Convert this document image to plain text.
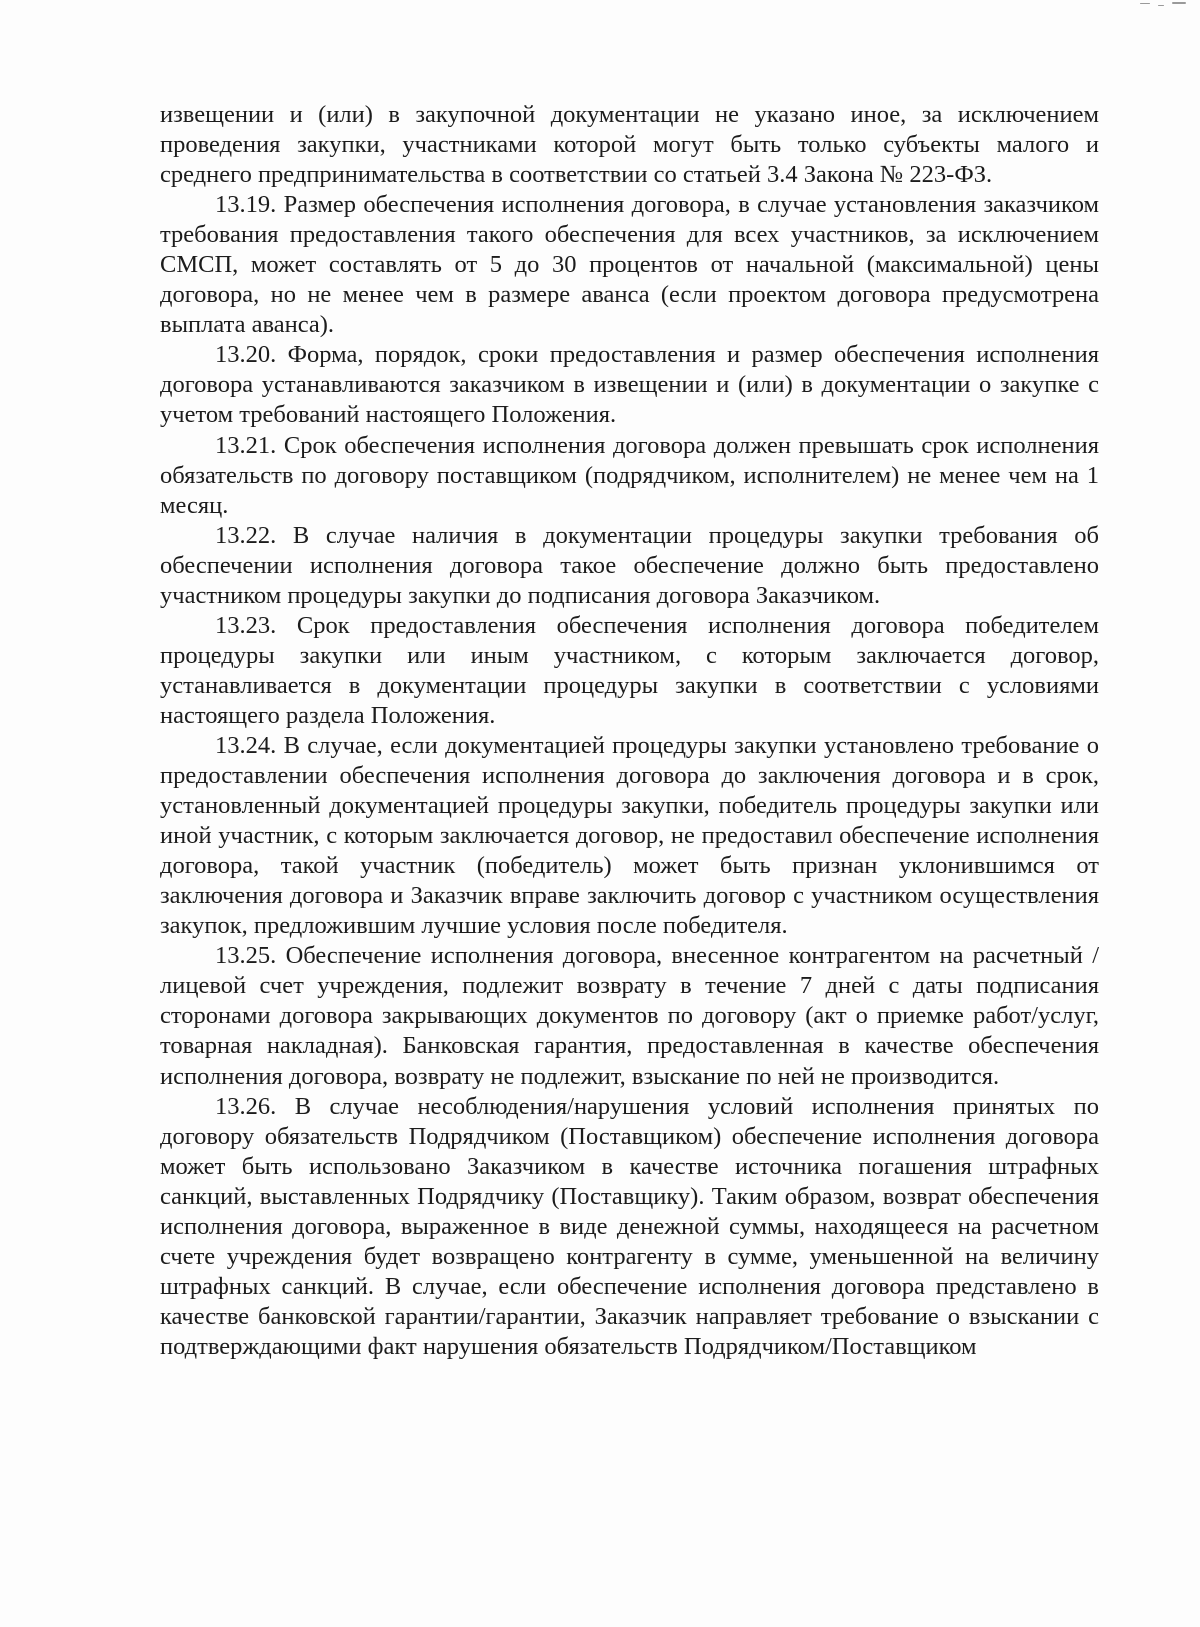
извещении и (или) в закупочной документации не указано иное, за исключением проведения закупки, участниками которой могут быть только субъекты малого и среднего предпринимательства в соответствии со статьей 3.4 Закона № 223-ФЗ.

13.19. Размер обеспечения исполнения договора, в случае установления заказчиком требования предоставления такого обеспечения для всех участников, за исключением СМСП, может составлять от 5 до 30 процентов от начальной (максимальной) цены договора, но не менее чем в размере аванса (если проектом договора предусмотрена выплата аванса).

13.20. Форма, порядок, сроки предоставления и размер обеспечения исполнения договора устанавливаются заказчиком в извещении и (или) в документации о закупке с учетом требований настоящего Положения.

13.21. Срок обеспечения исполнения договора должен превышать срок исполнения обязательств по договору поставщиком (подрядчиком, исполнителем) не менее чем на 1 месяц.

13.22. В случае наличия в документации процедуры закупки требования об обеспечении исполнения договора такое обеспечение должно быть предоставлено участником процедуры закупки до подписания договора Заказчиком.

13.23. Срок предоставления обеспечения исполнения договора победителем процедуры закупки или иным участником, с которым заключается договор, устанавливается в документации процедуры закупки в соответствии с условиями настоящего раздела Положения.

13.24. В случае, если документацией процедуры закупки установлено требование о предоставлении обеспечения исполнения договора до заключения договора и в срок, установленный документацией процедуры закупки, победитель процедуры закупки или иной участник, с которым заключается договор, не предоставил обеспечение исполнения договора, такой участник (победитель) может быть признан уклонившимся от заключения договора и Заказчик вправе заключить договор с участником осуществления закупок, предложившим лучшие условия после победителя.

13.25. Обеспечение исполнения договора, внесенное контрагентом на расчетный / лицевой счет учреждения, подлежит возврату в течение 7 дней с даты подписания сторонами договора закрывающих документов по договору (акт о приемке работ/услуг, товарная накладная). Банковская гарантия, предоставленная в качестве обеспечения исполнения договора, возврату не подлежит, взыскание по ней не производится.

13.26. В случае несоблюдения/нарушения условий исполнения принятых по договору обязательств Подрядчиком (Поставщиком) обеспечение исполнения договора может быть использовано Заказчиком в качестве источника погашения штрафных санкций, выставленных Подрядчику (Поставщику). Таким образом, возврат обеспечения исполнения договора, выраженное в виде денежной суммы, находящееся на расчетном счете учреждения будет возвращено контрагенту в сумме, уменьшенной на величину штрафных санкций. В случае, если обеспечение исполнения договора представлено в качестве банковской гарантии/гарантии, Заказчик направляет требование о взыскании с подтверждающими факт нарушения обязательств Подрядчиком/Поставщиком
